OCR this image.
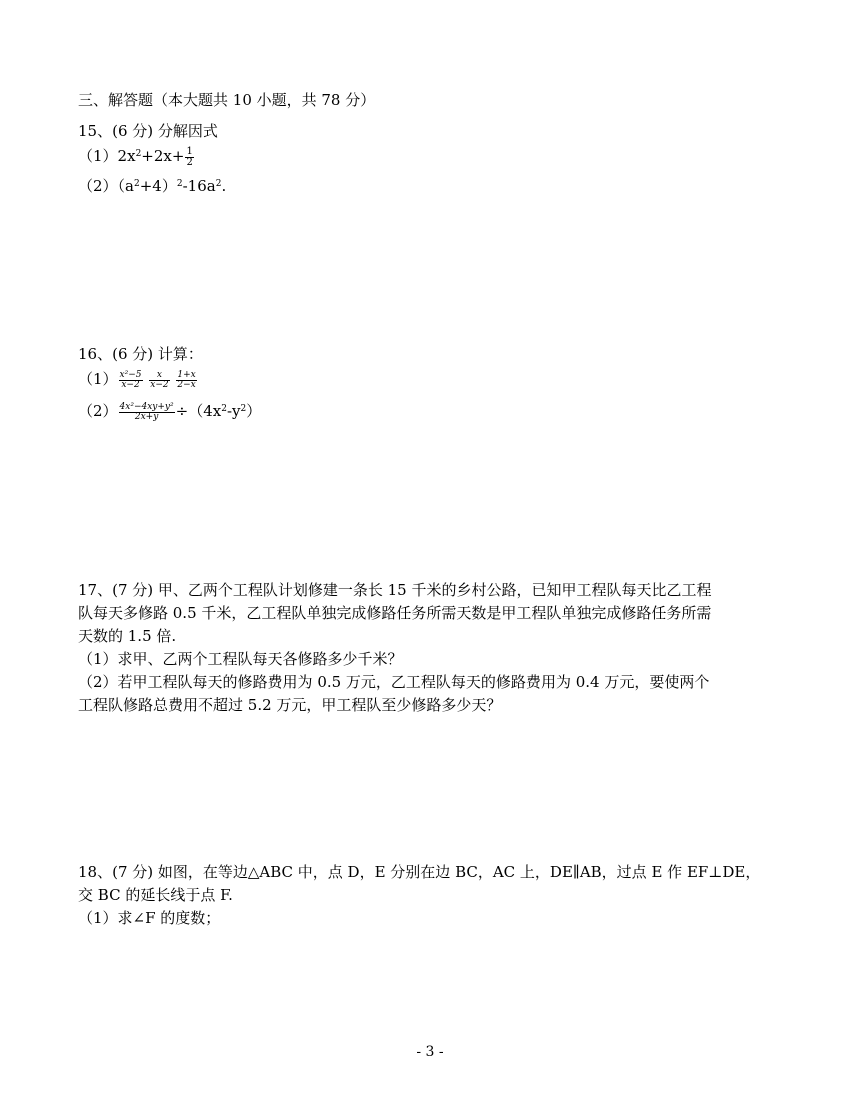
三、解答题（本大题共 10 小题，共 78 分）
15、(6 分) 分解因式
$(1)2x^2+2x+ \frac{1}{2}$
$(2)(a^2+4)^2-16a^2$.
16、(6 分) 计算：
$(1) \frac{\text{x²−5}}{x-2}$
$\frac{x}{x-2}$
$\frac{1+x}{2-x}$
$(2) \frac{\text{4x²−4xy+y²}}{2x+y} \div(4x^2-y^2)$
17、(7 分) 甲、乙两个工程队计划修建一条长 15 千米的乡村公路，已知甲工程队每天比乙工程
队每天多修路 0.5 千米，乙工程队单独完成修路任务所需天数是甲工程队单独完成修路任务所需
天数的 1.5 倍.
（1）求甲、乙两个工程队每天各修路多少千米？
（2）若甲工程队每天的修路费用为 0.5 万元，乙工程队每天的修路费用为 0.4 万元，要使两个
工程队修路总费用不超过 5.2 万元，甲工程队至少修路多少天？
18、(7 分) 如图，在等边△ABC 中，点 D，E 分别在边 BC，AC 上，DE∥AB，过点 E 作 EF⊥DE，
交 BC 的延长线于点 F.
（1）求∠F 的度数；
- 3 -
